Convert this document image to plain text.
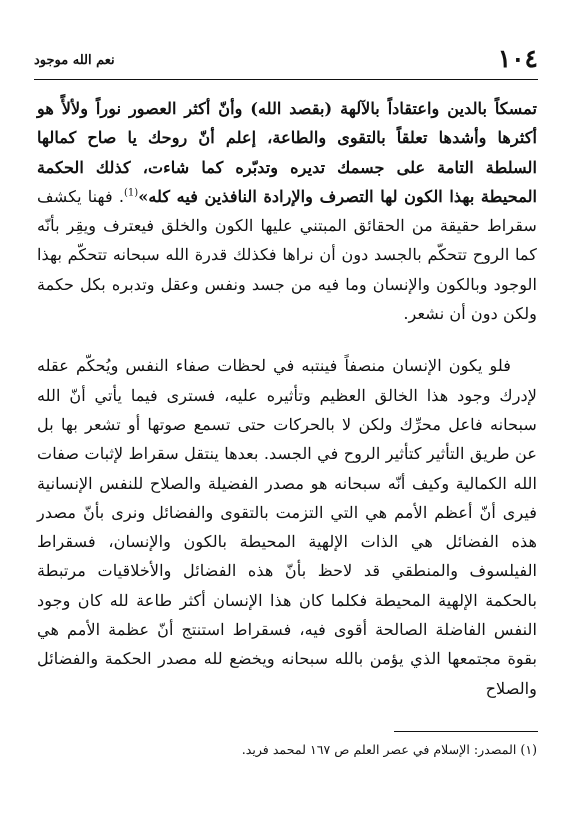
١٠٤
نعم الله موجود

تمسكاً بالدين واعتقاداً بالآلهة (بقصد الله) وأنّ أكثر العصور نوراً ولألأً هو أكثرها وأشدها تعلقاً بالتقوى والطاعة، إعلم أنّ روحك يا صاح كمالها السلطة التامة على جسمك تديره وتدبّره كما شاءت، كذلك الحكمة المحيطة بهذا الكون لها التصرف والإرادة النافذين فيه كله»$^{(1)}$. فهنا يكشف سقراط حقيقة من الحقائق المبتني عليها الكون والخلق فيعترف ويقِر بأنّه كما الروح تتحكّم بالجسد دون أن نراها فكذلك قدرة الله سبحانه تتحكّم بهذا الوجود وبالكون والإنسان وما فيه من جسد ونفس وعقل وتدبره بكل حكمة ولكن دون أن نشعر.

فلو يكون الإنسان منصفاً فينتبه في لحظات صفاء النفس ويُحكّم عقله لإدرك وجود هذا الخالق العظيم وتأثيره عليه، فسترى فيما يأتي أنّ الله سبحانه فاعل محرِّك ولكن لا بالحركات حتى تسمع صوتها أو تشعر بها بل عن طريق التأثير كتأثير الروح في الجسد. بعدها ينتقل سقراط لإثبات صفات الله الكمالية وكيف أنّه سبحانه هو مصدر الفضيلة والصلاح للنفس الإنسانية فيرى أنّ أعظم الأمم هي التي التزمت بالتقوى والفضائل ونرى بأنّ مصدر هذه الفضائل هي الذات الإلهية المحيطة بالكون والإنسان، فسقراط الفيلسوف والمنطقي قد لاحظ بأنّ هذه الفضائل والأخلاقيات مرتبطة بالحكمة الإلهية المحيطة فكلما كان هذا الإنسان أكثر طاعة لله كان وجود النفس الفاضلة الصالحة أقوى فيه، فسقراط استنتج أنّ عظمة الأمم هي بقوة مجتمعها الذي يؤمن بالله سبحانه ويخضع لله مصدر الحكمة والفضائل والصلاح

(١) المصدر: الإسلام في عصر العلم ص ١٦٧ لمحمد فريد.
